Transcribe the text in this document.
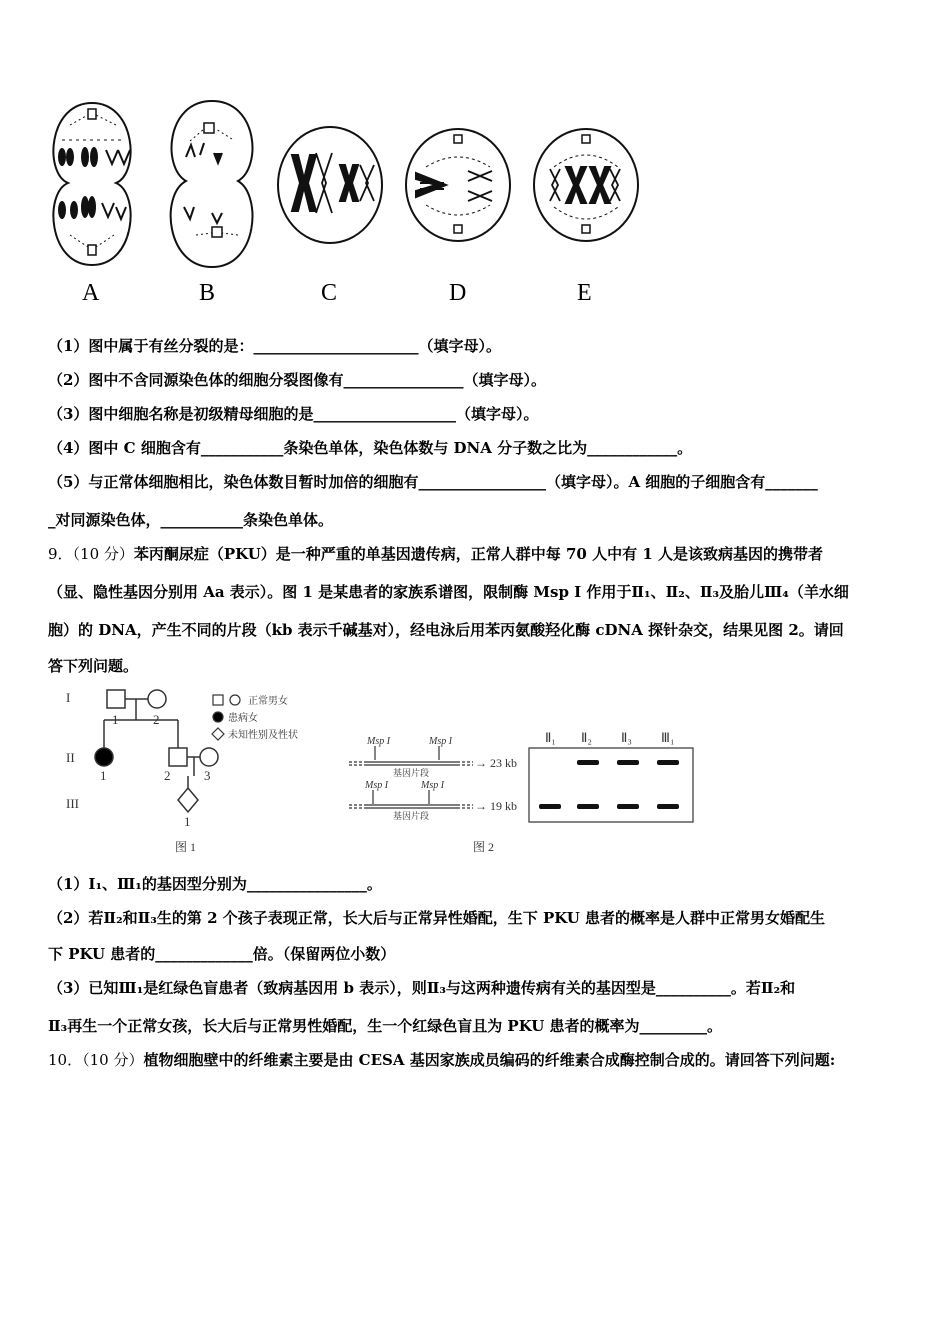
A	B	C	D	E
（1）图中属于有丝分裂的是：______________________（填字母）。
（2）图中不含同源染色体的细胞分裂图像有________________（填字母）。
（3）图中细胞名称是初级精母细胞的是___________________（填字母）。
（4）图中 C 细胞含有___________条染色单体，染色体数与 DNA 分子数之比为____________。
（5）与正常体细胞相比，染色体数目暂时加倍的细胞有_________________（填字母）。A 细胞的子细胞含有_______
_对同源染色体，___________条染色单体。
9．（10 分）苯丙酮尿症（PKU）是一种严重的单基因遗传病，正常人群中每 70 人中有 1 人是该致病基因的携带者
（显、隐性基因分别用 Aa 表示）。图 1 是某患者的家族系谱图，限制酶 Msp I 作用于Ⅱ₁、Ⅱ₂、Ⅱ₃及胎儿Ⅲ₄（羊水细
胞）的 DNA，产生不同的片段（kb 表示千碱基对），经电泳后用苯丙氨酸羟化酶 cDNA 探针杂交，结果见图 2。请回
答下列问题。
I
II
III
1	2
1	2	3
1
正常男女
患病女
未知性别及性状
图 1
Msp I	Msp I
Msp I	Msp I
基因片段
基因片段
→ 23 kb
→ 19 kb
Ⅱ₁ Ⅱ₂ Ⅱ₃ Ⅲ₁
图 2
（1）I₁、Ⅲ₁的基因型分别为________________。
（2）若Ⅱ₂和Ⅱ₃生的第 2 个孩子表现正常，长大后与正常异性婚配，生下 PKU 患者的概率是人群中正常男女婚配生
下 PKU 患者的_____________倍。（保留两位小数）
（3）已知Ⅲ₁是红绿色盲患者（致病基因用 b 表示），则Ⅱ₃与这两种遗传病有关的基因型是__________。若Ⅱ₂和
Ⅱ₃再生一个正常女孩，长大后与正常男性婚配，生一个红绿色盲且为 PKU 患者的概率为_________。
10．（10 分）植物细胞壁中的纤维素主要是由 CESA 基因家族成员编码的纤维素合成酶控制合成的。请回答下列问题:
